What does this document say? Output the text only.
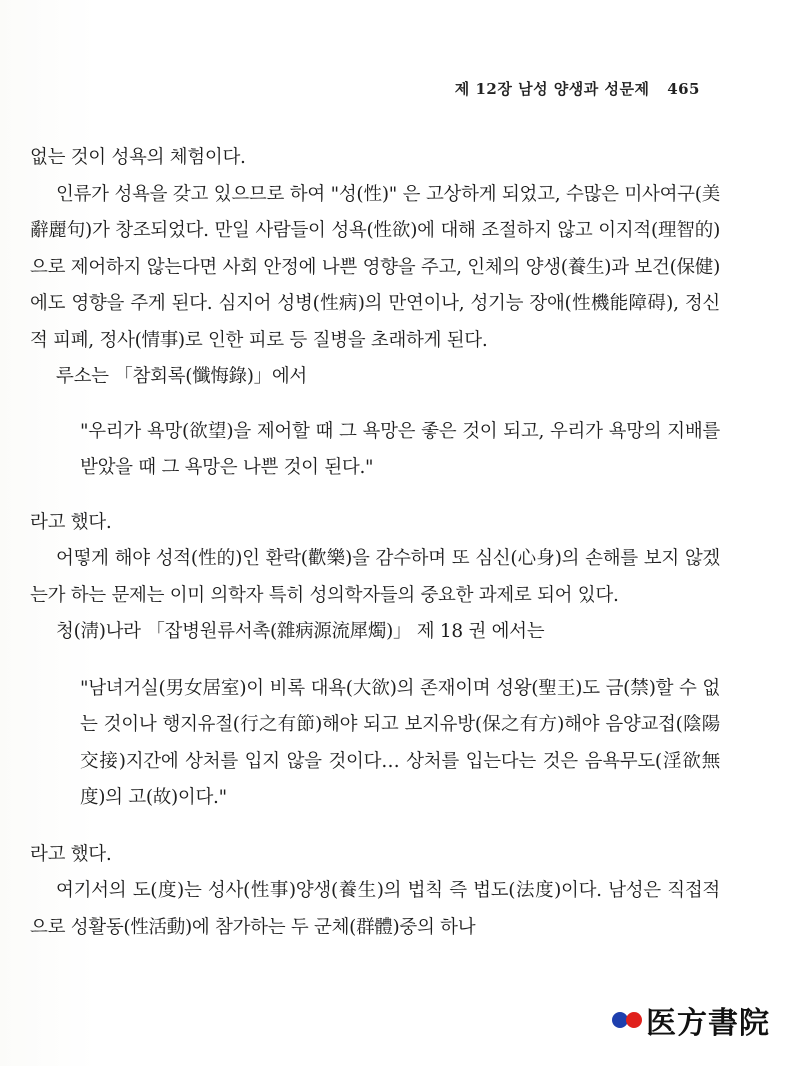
제 12장 남성 양생과 성문제 465

없는 것이 성욕의 체험이다.

인류가 성욕을 갖고 있으므로 하여 "성(性)" 은 고상하게 되었고, 수많은 미사여구(美辭麗句)가 창조되었다. 만일 사람들이 성욕(性欲)에 대해 조절하지 않고 이지적(理智的)으로 제어하지 않는다면 사회 안정에 나쁜 영향을 주고, 인체의 양생(養生)과 보건(保健)에도 영향을 주게 된다. 심지어 성병(性病)의 만연이나, 성기능 장애(性機能障碍), 정신적 피폐, 정사(情事)로 인한 피로 등 질병을 초래하게 된다.

루소는 「참회록(懺悔錄)」에서

"우리가 욕망(欲望)을 제어할 때 그 욕망은 좋은 것이 되고, 우리가 욕망의 지배를 받았을 때 그 욕망은 나쁜 것이 된다."

라고 했다.

어떻게 해야 성적(性的)인 환락(歡樂)을 감수하며 또 심신(心身)의 손해를 보지 않겠는가 하는 문제는 이미 의학자 특히 성의학자들의 중요한 과제로 되어 있다.

청(淸)나라 「잡병원류서촉(雜病源流犀燭)」 제 18 권 에서는

"남녀거실(男女居室)이 비록 대욕(大欲)의 존재이며 성왕(聖王)도 금(禁)할 수 없는 것이나 행지유절(行之有節)해야 되고 보지유방(保之有方)해야 음양교접(陰陽交接)지간에 상처를 입지 않을 것이다… 상처를 입는다는 것은 음욕무도(淫欲無度)의 고(故)이다."

라고 했다.

여기서의 도(度)는 성사(性事)양생(養生)의 법칙 즉 법도(法度)이다. 남성은 직접적으로 성활동(性活動)에 참가하는 두 군체(群體)중의 하나

医方書院
